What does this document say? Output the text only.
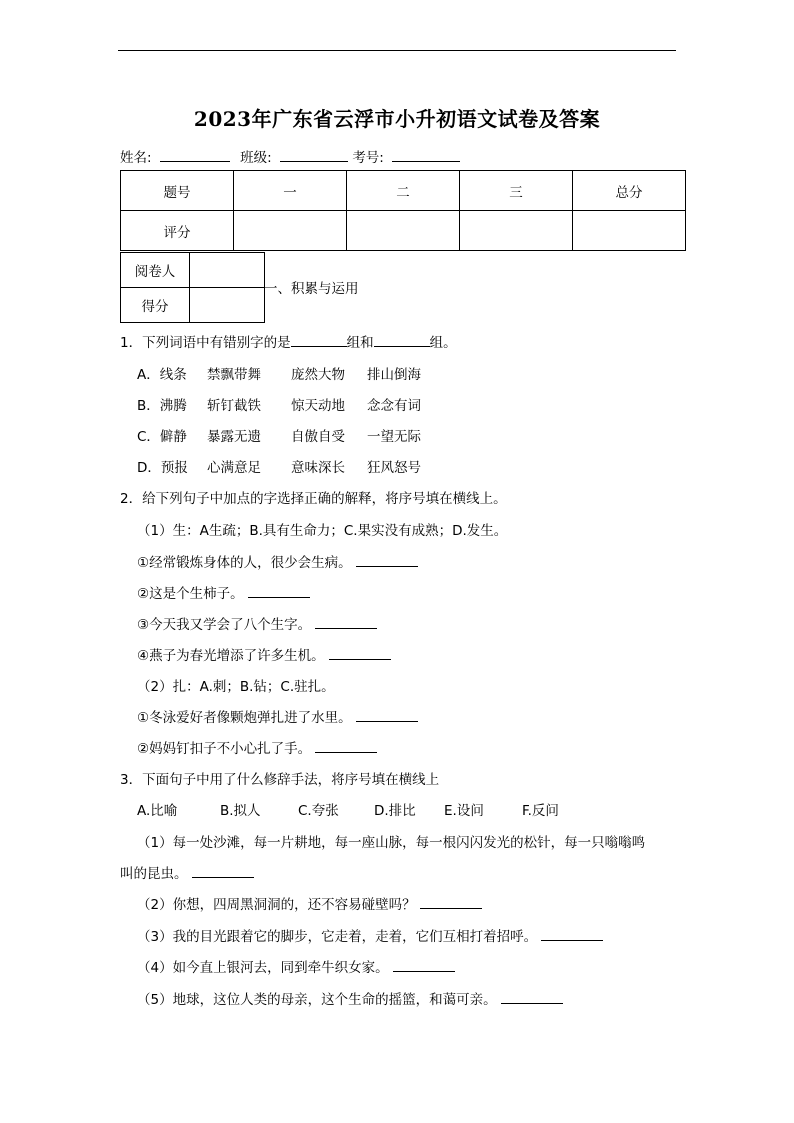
2023年广东省云浮市小升初语文试卷及答案
姓名:	班级:	考号:
题号	一	二	三	总分
评分				
阅卷人	
得分	
一、积累与运用
1．下列词语中有错别字的是	组和	组。
A．线条 禁飘带舞 庞然大物 排山倒海
B．沸腾 斩钉截铁 惊天动地 念念有词
C．僻静 暴露无遗 自傲自受 一望无际
D．预报 心满意足 意味深长 狂风怒号
2．给下列句子中加点的字选择正确的解释，将序号填在横线上。
（1）生：A生疏；B.具有生命力；C.果实没有成熟；D.发生。
①经常锻炼身体的人，很少会生病。
②这是个生柿子。
③今天我又学会了八个生字。
④燕子为春光增添了许多生机。
（2）扎：A.刺；B.钻；C.驻扎。
①冬泳爱好者像颗炮弹扎进了水里。
②妈妈钉扣子不小心扎了手。
3．下面句子中用了什么修辞手法，将序号填在横线上
A.比喻	B.拟人	C.夸张	D.排比 E.设问	F.反问
（1）每一处沙滩，每一片耕地，每一座山脉，每一根闪闪发光的松针，每一只嗡嗡鸣
叫的昆虫。
（2）你想，四周黑洞洞的，还不容易碰壁吗？
（3）我的目光跟着它的脚步，它走着，走着，它们互相打着招呼。
（4）如今直上银河去，同到牵牛织女家。
（5）地球，这位人类的母亲，这个生命的摇篮，和蔼可亲。
